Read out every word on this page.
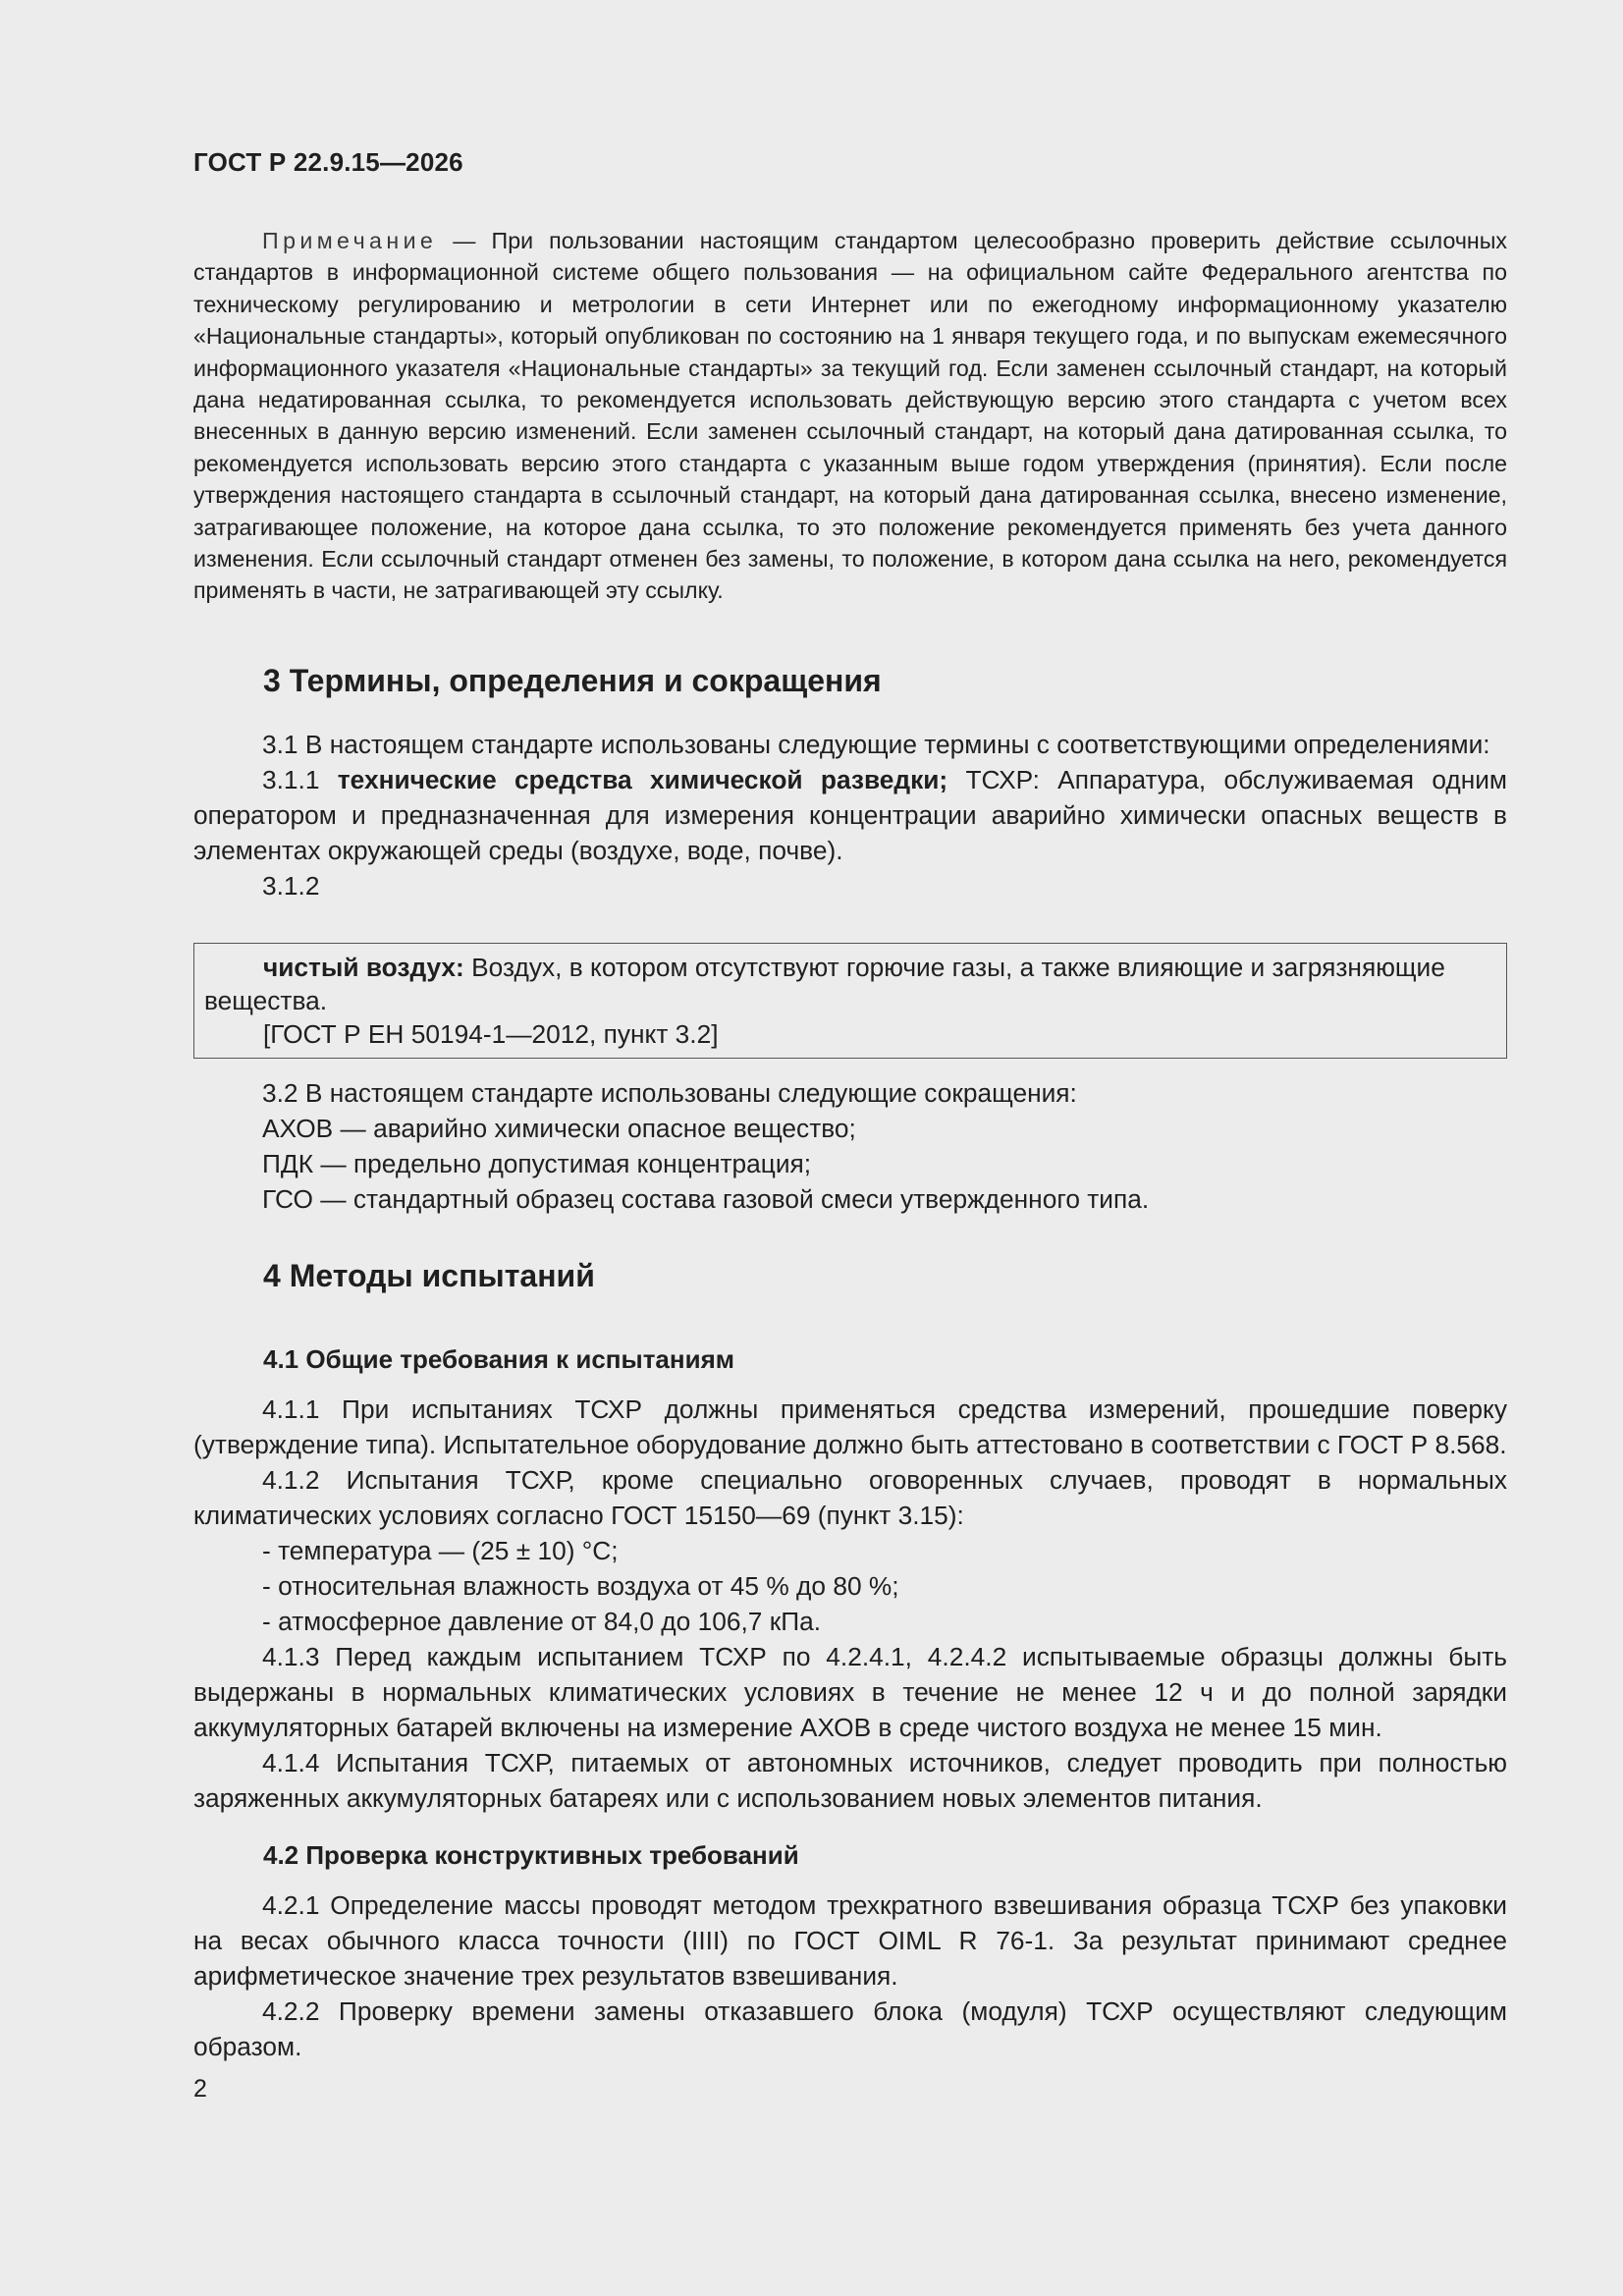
ГОСТ Р 22.9.15—2026

Примечание — При пользовании настоящим стандартом целесообразно проверить действие ссылочных стандартов в информационной системе общего пользования — на официальном сайте Федерального агентства по техническому регулированию и метрологии в сети Интернет или по ежегодному информационному указателю «Национальные стандарты», который опубликован по состоянию на 1 января текущего года, и по выпускам ежемесячного информационного указателя «Национальные стандарты» за текущий год. Если заменен ссылочный стандарт, на который дана недатированная ссылка, то рекомендуется использовать действующую версию этого стандарта с учетом всех внесенных в данную версию изменений. Если заменен ссылочный стандарт, на который дана датированная ссылка, то рекомендуется использовать версию этого стандарта с указанным выше годом утверждения (принятия). Если после утверждения настоящего стандарта в ссылочный стандарт, на который дана датированная ссылка, внесено изменение, затрагивающее положение, на которое дана ссылка, то это положение рекомендуется применять без учета данного изменения. Если ссылочный стандарт отменен без замены, то положение, в котором дана ссылка на него, рекомендуется применять в части, не затрагивающей эту ссылку.

3 Термины, определения и сокращения

3.1 В настоящем стандарте использованы следующие термины с соответствующими определениями:

3.1.1 технические средства химической разведки; ТСХР: Аппаратура, обслуживаемая одним оператором и предназначенная для измерения концентрации аварийно химически опасных веществ в элементах окружающей среды (воздухе, воде, почве).

3.1.2

чистый воздух: Воздух, в котором отсутствуют горючие газы, а также влияющие и загрязняющие вещества.

[ГОСТ Р ЕН 50194-1—2012, пункт 3.2]

3.2 В настоящем стандарте использованы следующие сокращения:

АХОВ — аварийно химически опасное вещество;

ПДК — предельно допустимая концентрация;

ГСО — стандартный образец состава газовой смеси утвержденного типа.

4 Методы испытаний
4.1 Общие требования к испытаниям

4.1.1 При испытаниях ТСХР должны применяться средства измерений, прошедшие поверку (утверждение типа). Испытательное оборудование должно быть аттестовано в соответствии с ГОСТ Р 8.568.

4.1.2 Испытания ТСХР, кроме специально оговоренных случаев, проводят в нормальных климатических условиях согласно ГОСТ 15150—69 (пункт 3.15):

- температура — (25 ± 10) °С;

- относительная влажность воздуха от 45 % до 80 %;

- атмосферное давление от 84,0 до 106,7 кПа.

4.1.3 Перед каждым испытанием ТСХР по 4.2.4.1, 4.2.4.2 испытываемые образцы должны быть выдержаны в нормальных климатических условиях в течение не менее 12 ч и до полной зарядки аккумуляторных батарей включены на измерение АХОВ в среде чистого воздуха не менее 15 мин.

4.1.4 Испытания ТСХР, питаемых от автономных источников, следует проводить при полностью заряженных аккумуляторных батареях или с использованием новых элементов питания.

4.2 Проверка конструктивных требований

4.2.1 Определение массы проводят методом трехкратного взвешивания образца ТСХР без упаковки на весах обычного класса точности (IIII) по ГОСТ OIML R 76-1. За результат принимают среднее арифметическое значение трех результатов взвешивания.

4.2.2 Проверку времени замены отказавшего блока (модуля) ТСХР осуществляют следующим образом.

2
